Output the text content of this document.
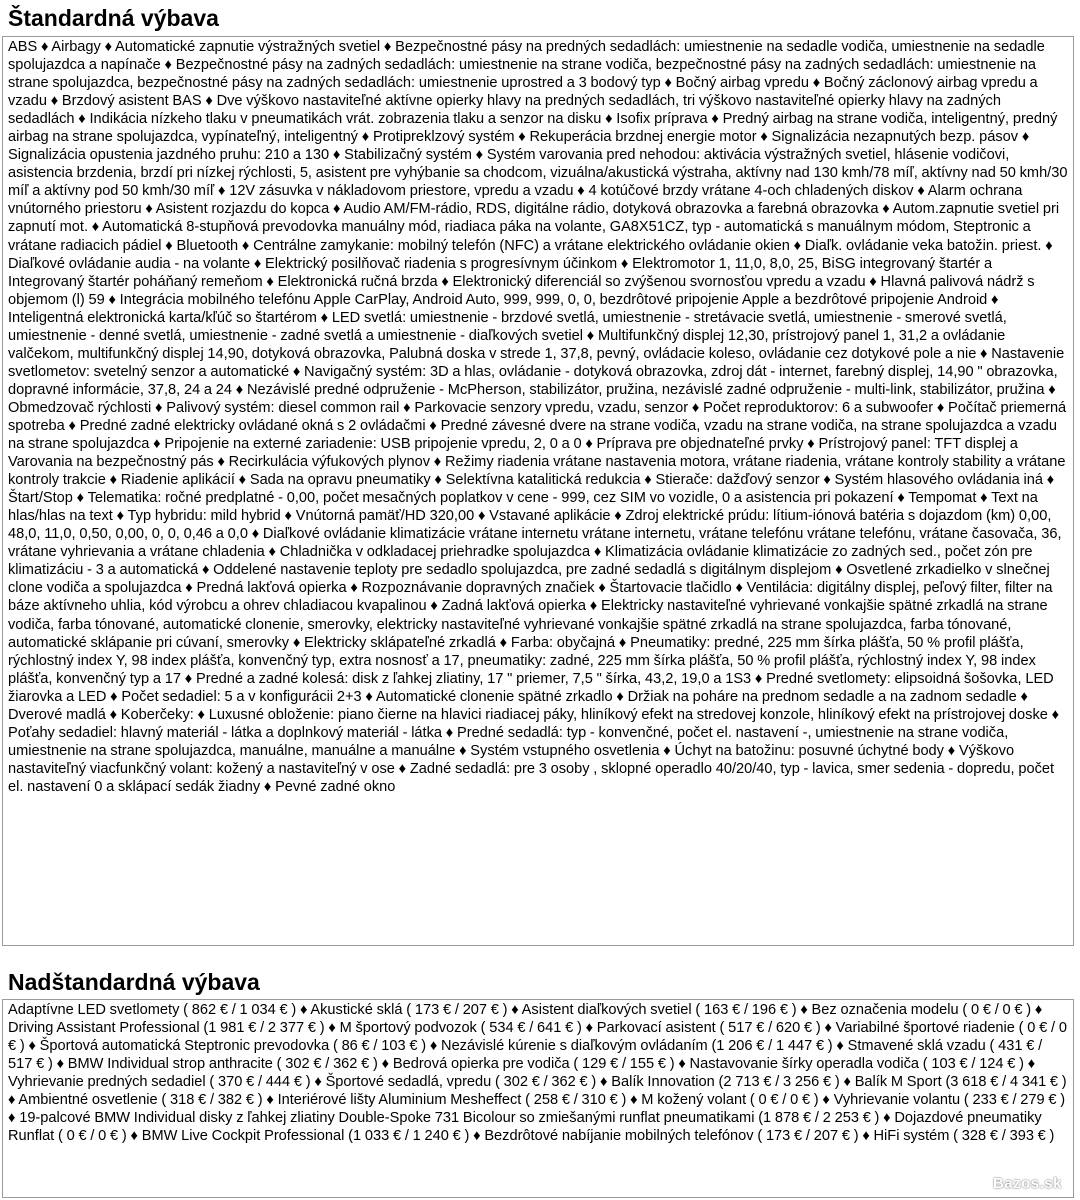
Štandardná výbava

ABS ♦ Airbagy ♦ Automatické zapnutie výstražných svetiel ♦ Bezpečnostné pásy na predných sedadlách: umiestnenie na sedadle vodiča, umiestnenie na sedadle spolujazdca a napínače ♦ Bezpečnostné pásy na zadných sedadlách: umiestnenie na strane vodiča, bezpečnostné pásy na zadných sedadlách: umiestnenie na strane spolujazdca, bezpečnostné pásy na zadných sedadlách: umiestnenie uprostred a 3 bodový typ ♦ Bočný airbag vpredu ♦ Bočný záclonový airbag vpredu a vzadu ♦ Brzdový asistent BAS ♦ Dve výškovo nastaviteľné aktívne opierky hlavy na predných sedadlách, tri výškovo nastaviteľné opierky hlavy na zadných sedadlách ♦ Indikácia nízkeho tlaku v pneumatikách vrát. zobrazenia tlaku a senzor na disku ♦ Isofix príprava ♦ Predný airbag na strane vodiča, inteligentný, predný airbag na strane spolujazdca, vypínateľný, inteligentný ♦ Protipreklzový systém ♦ Rekuperácia brzdnej energie motor ♦ Signalizácia nezapnutých bezp. pásov ♦ Signalizácia opustenia jazdného pruhu: 210 a 130 ♦ Stabilizačný systém ♦ Systém varovania pred nehodou: aktivácia výstražných svetiel, hlásenie vodičovi, asistencia brzdenia, brzdí pri nízkej rýchlosti, 5, asistent pre vyhýbanie sa chodcom, vizuálna/akustická výstraha, aktívny nad 130 kmh/78 míľ, aktívny nad 50 kmh/30 míľ a aktívny pod 50 kmh/30 míľ ♦ 12V zásuvka v nákladovom priestore, vpredu a vzadu ♦ 4 kotúčové brzdy vrátane 4-och chladených diskov ♦ Alarm ochrana vnútorného priestoru ♦ Asistent rozjazdu do kopca ♦ Audio AM/FM-rádio, RDS, digitálne rádio, dotyková obrazovka a farebná obrazovka ♦ Autom.zapnutie svetiel pri zapnutí mot. ♦ Automatická 8-stupňová prevodovka manuálny mód, riadiaca páka na volante, GA8X51CZ, typ - automatická s manuálnym módom, Steptronic a vrátane radiacich pádiel ♦ Bluetooth ♦ Centrálne zamykanie: mobilný telefón (NFC) a vrátane elektrického ovládanie okien ♦ Diaľk. ovládanie veka batožin. priest. ♦ Diaľkové ovládanie audia - na volante ♦ Elektrický posilňovač riadenia s progresívnym účinkom ♦ Elektromotor 1, 11,0, 8,0, 25, BiSG integrovaný štartér a Integrovaný štartér poháňaný remeňom ♦ Elektronická ručná brzda ♦ Elektronický diferenciál so zvýšenou svornosťou vpredu a vzadu ♦ Hlavná palivová nádrž s objemom (l) 59 ♦ Integrácia mobilného telefónu Apple CarPlay, Android Auto, 999, 999, 0, 0, bezdrôtové pripojenie Apple a bezdrôtové pripojenie Android ♦ Inteligentná elektronická karta/kľúč so štartérom ♦ LED svetlá: umiestnenie - brzdové svetlá, umiestnenie - stretávacie svetlá, umiestnenie - smerové svetlá, umiestnenie - denné svetlá, umiestnenie - zadné svetlá a umiestnenie - diaľkových svetiel ♦ Multifunkčný displej 12,30, prístrojový panel 1, 31,2 a ovládanie valčekom, multifunkčný displej 14,90, dotyková obrazovka, Palubná doska v strede 1, 37,8, pevný, ovládacie koleso, ovládanie cez dotykové pole a nie ♦ Nastavenie svetlometov: svetelný senzor a automatické ♦ Navigačný systém: 3D a hlas, ovládanie - dotyková obrazovka, zdroj dát - internet, farebný displej, 14,90 " obrazovka, dopravné informácie, 37,8, 24 a 24 ♦ Nezávislé predné odpruženie - McPherson, stabilizátor, pružina, nezávislé zadné odpruženie - multi-link, stabilizátor, pružina ♦ Obmedzovač rýchlosti ♦ Palivový systém: diesel common rail ♦ Parkovacie senzory vpredu, vzadu, senzor ♦ Počet reproduktorov: 6 a subwoofer ♦ Počítač priemerná spotreba ♦ Predné zadné elektricky ovládané okná s 2 ovládačmi ♦ Predné závesné dvere na strane vodiča, vzadu na strane vodiča, na strane spolujazdca a vzadu na strane spolujazdca ♦ Pripojenie na externé zariadenie: USB pripojenie vpredu, 2, 0 a 0 ♦ Príprava pre objednateľné prvky ♦ Prístrojový panel: TFT displej a Varovania na bezpečnostný pás ♦ Recirkulácia výfukových plynov ♦ Režimy riadenia vrátane nastavenia motora, vrátane riadenia, vrátane kontroly stability a vrátane kontroly trakcie ♦ Riadenie aplikácií ♦ Sada na opravu pneumatiky ♦ Selektívna katalitická redukcia ♦ Stierače: dažďový senzor ♦ Systém hlasového ovládania iná ♦ Štart/Stop ♦ Telematika: ročné predplatné - 0,00, počet mesačných poplatkov v cene - 999, cez SIM vo vozidle, 0 a asistencia pri pokazení ♦ Tempomat ♦ Text na hlas/hlas na text ♦ Typ hybridu: mild hybrid ♦ Vnútorná pamäť/HD 320,00 ♦ Vstavané aplikácie ♦ Zdroj elektrické prúdu: lítium-iónová batéria s dojazdom (km) 0,00, 48,0, 11,0, 0,50, 0,00, 0, 0, 0,46 a 0,0 ♦ Diaľkové ovládanie klimatizácie vrátane internetu vrátane internetu, vrátane telefónu vrátane telefónu, vrátane časovača, 36, vrátane vyhrievania a vrátane chladenia ♦ Chladnička v odkladacej priehradke spolujazdca ♦ Klimatizácia ovládanie klimatizácie zo zadných sed., počet zón pre klimatizáciu - 3 a automatická ♦ Oddelené nastavenie teploty pre sedadlo spolujazdca, pre zadné sedadlá s digitálnym displejom ♦ Osvetlené zrkadielko v slnečnej clone vodiča a spolujazdca ♦ Predná lakťová opierka ♦ Rozpoznávanie dopravných značiek ♦ Štartovacie tlačidlo ♦ Ventilácia: digitálny displej, peľový filter, filter na báze aktívneho uhlia, kód výrobcu a ohrev chladiacou kvapalinou ♦ Zadná lakťová opierka ♦ Elektricky nastaviteľné vyhrievané vonkajšie spätné zrkadlá na strane vodiča, farba tónované, automatické clonenie, smerovky, elektricky nastaviteľné vyhrievané vonkajšie spätné zrkadlá na strane spolujazdca, farba tónované, automatické sklápanie pri cúvaní, smerovky ♦ Elektricky sklápateľné zrkadlá ♦ Farba: obyčajná ♦ Pneumatiky: predné, 225 mm šírka plášťa, 50 % profil plášťa, rýchlostný index Y, 98 index plášťa, konvenčný typ, extra nosnosť a 17, pneumatiky: zadné, 225 mm šírka plášťa, 50 % profil plášťa, rýchlostný index Y, 98 index plášťa, konvenčný typ a 17 ♦ Predné a zadné kolesá: disk z ľahkej zliatiny, 17 " priemer, 7,5 " šírka, 43,2, 19,0 a 1S3 ♦ Predné svetlomety: elipsoidná šošovka, LED žiarovka a LED ♦ Počet sedadiel: 5 a v konfigurácii 2+3 ♦ Automatické clonenie spätné zrkadlo ♦ Držiak na poháre na prednom sedadle a na zadnom sedadle ♦ Dverové madlá ♦ Koberčeky: ♦ Luxusné obloženie: piano čierne na hlavici riadiacej páky, hliníkový efekt na stredovej konzole, hliníkový efekt na prístrojovej doske ♦ Poťahy sedadiel: hlavný materiál - látka a doplnkový materiál - látka ♦ Predné sedadlá: typ - konvenčné, počet el. nastavení -, umiestnenie na strane vodiča, umiestnenie na strane spolujazdca, manuálne, manuálne a manuálne ♦ Systém vstupného osvetlenia ♦ Úchyt na batožinu: posuvné úchytné body ♦ Výškovo nastaviteľný viacfunkčný volant: kožený a nastaviteľný v ose ♦ Zadné sedadlá: pre 3 osoby , sklopné operadlo 40/20/40, typ - lavica, smer sedenia - dopredu, počet el. nastavení 0 a sklápací sedák žiadny ♦ Pevné zadné okno

Nadštandardná výbava

Adaptívne LED svetlomety ( 862 € / 1 034 € ) ♦ Akustické sklá ( 173 € / 207 € ) ♦ Asistent diaľkových svetiel ( 163 € / 196 € ) ♦ Bez označenia modelu ( 0 € / 0 € ) ♦ Driving Assistant Professional (1 981 € / 2 377 € ) ♦ M športový podvozok ( 534 € / 641 € ) ♦ Parkovací asistent ( 517 € / 620 € ) ♦ Variabilné športové riadenie ( 0 € / 0 € ) ♦ Športová automatická Steptronic prevodovka ( 86 € / 103 € ) ♦ Nezávislé kúrenie s diaľkovým ovládaním (1 206 € / 1 447 € ) ♦ Stmavené sklá vzadu ( 431 € / 517 € ) ♦ BMW Individual strop anthracite ( 302 € / 362 € ) ♦ Bedrová opierka pre vodiča ( 129 € / 155 € ) ♦ Nastavovanie šírky operadla vodiča ( 103 € / 124 € ) ♦ Vyhrievanie predných sedadiel ( 370 € / 444 € ) ♦ Športové sedadlá, vpredu ( 302 € / 362 € ) ♦ Balík Innovation (2 713 € / 3 256 € ) ♦ Balík M Sport (3 618 € / 4 341 € ) ♦ Ambientné osvetlenie ( 318 € / 382 € ) ♦ Interiérové lišty Aluminium Mesheffect ( 258 € / 310 € ) ♦ M kožený volant ( 0 € / 0 € ) ♦ Vyhrievanie volantu ( 233 € / 279 € ) ♦ 19-palcové BMW Individual disky z ľahkej zliatiny Double-Spoke 731 Bicolour so zmiešanými runflat pneumatikami (1 878 € / 2 253 € ) ♦ Dojazdové pneumatiky Runflat ( 0 € / 0 € ) ♦ BMW Live Cockpit Professional (1 033 € / 1 240 € ) ♦ Bezdrôtové nabíjanie mobilných telefónov ( 173 € / 207 € ) ♦ HiFi systém ( 328 € / 393 € )

Bazos.sk
